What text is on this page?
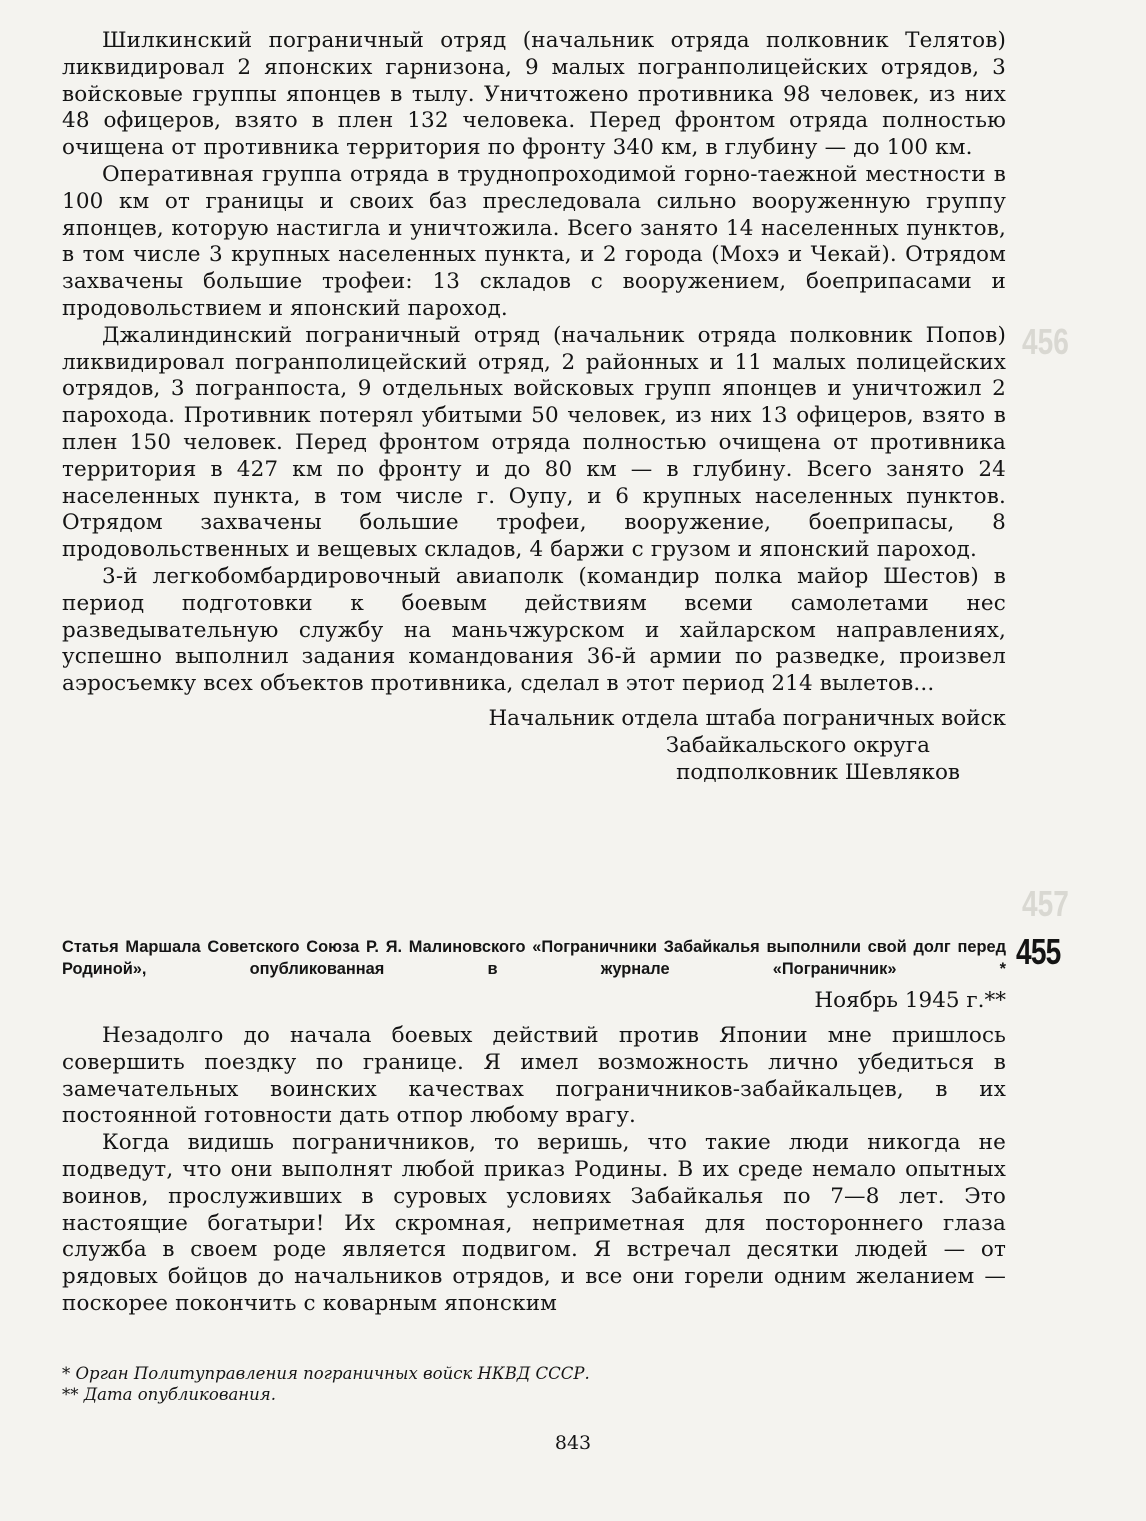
456
457

Шилкинский пограничный отряд (начальник отряда полковник Телятов) ликвидировал 2 японских гарнизона, 9 малых погранполицейских отрядов, 3 войсковые группы японцев в тылу. Уничтожено противника 98 человек, из них 48 офицеров, взято в плен 132 человека. Перед фронтом отряда полностью очищена от противника территория по фронту 340 км, в глубину — до 100 км.

Оперативная группа отряда в труднопроходимой горно-таежной местности в 100 км от границы и своих баз преследовала сильно вооруженную группу японцев, которую настигла и уничтожила. Всего занято 14 населенных пунктов, в том числе 3 крупных населенных пункта, и 2 города (Мохэ и Чекай). Отрядом захвачены большие трофеи: 13 складов с вооружением, боеприпасами и продовольствием и японский пароход.

Джалиндинский пограничный отряд (начальник отряда полковник Попов) ликвидировал погранполицейский отряд, 2 районных и 11 малых полицейских отрядов, 3 погранпоста, 9 отдельных войсковых групп японцев и уничтожил 2 парохода. Противник потерял убитыми 50 человек, из них 13 офицеров, взято в плен 150 человек. Перед фронтом отряда полностью очищена от противника территория в 427 км по фронту и до 80 км — в глубину. Всего занято 24 населенных пункта, в том числе г. Оупу, и 6 крупных населенных пунктов. Отрядом захвачены большие трофеи, вооружение, боеприпасы, 8 продовольственных и вещевых складов, 4 баржи с грузом и японский пароход.

3-й легкобомбардировочный авиаполк (командир полка майор Шестов) в период подготовки к боевым действиям всеми самолетами нес разведывательную службу на маньчжурском и хайларском направлениях, успешно выполнил задания командования 36-й армии по разведке, произвел аэросъемку всех объектов противника, сделал в этот период 214 вылетов...

Начальник отдела штаба пограничных войск
Забайкальского округа
подполковник Шевляков
Статья Маршала Советского Союза Р. Я. Малиновского «Пограничники Забайкалья выполнили свой долг перед Родиной», опубликованная в журнале «Пограничник» * 455
Ноябрь 1945 г.**

Незадолго до начала боевых действий против Японии мне пришлось совершить поездку по границе. Я имел возможность лично убедиться в замечательных воинских качествах пограничников-забайкальцев, в их постоянной готовности дать отпор любому врагу.

Когда видишь пограничников, то веришь, что такие люди никогда не подведут, что они выполнят любой приказ Родины. В их среде немало опытных воинов, прослуживших в суровых условиях Забайкалья по 7—8 лет. Это настоящие богатыри! Их скромная, неприметная для постороннего глаза служба в своем роде является подвигом. Я встречал десятки людей — от рядовых бойцов до начальников отрядов, и все они горели одним желанием — поскорее покончить с коварным японским

* Орган Политуправления пограничных войск НКВД СССР.
** Дата опубликования.
843
